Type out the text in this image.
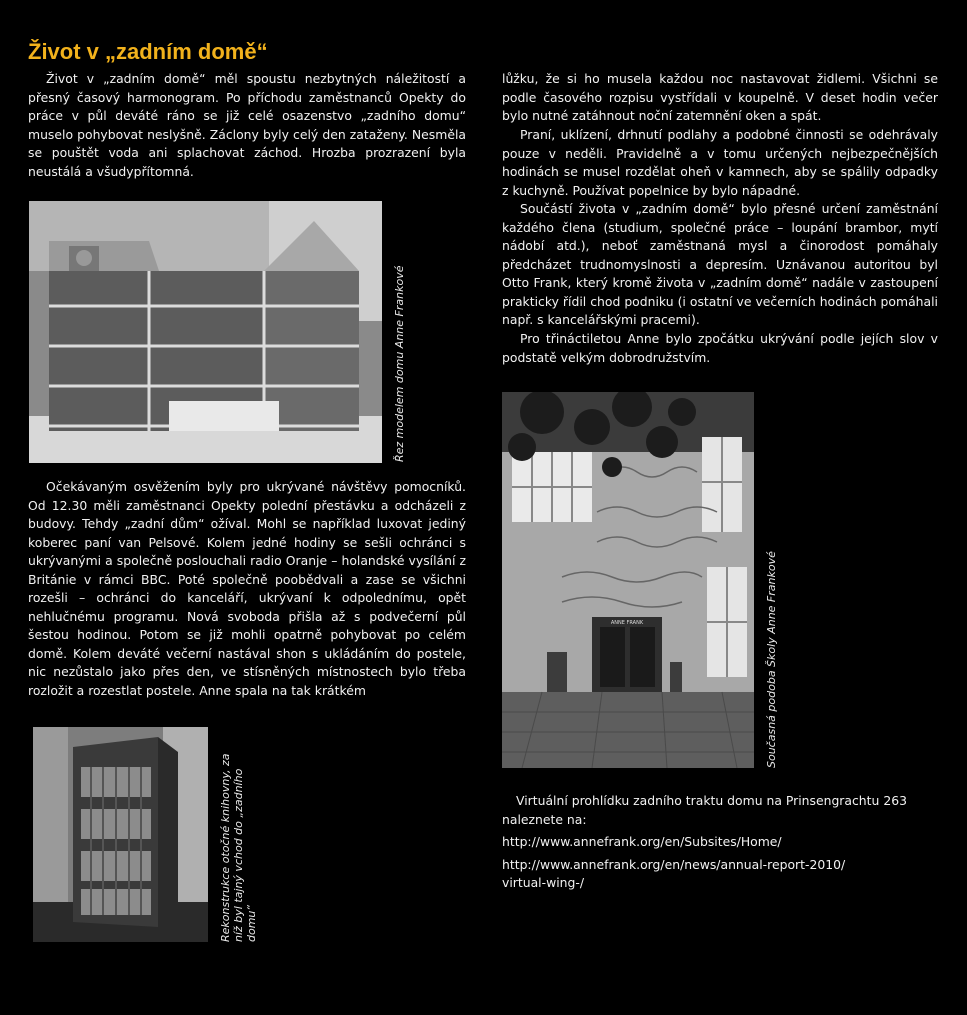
Život v „zadním domě“

Život v „zadním domě“ měl spoustu nezbytných náležitostí a přesný časový harmonogram. Po příchodu zaměstnanců Opekty do práce v půl deváté ráno se již celé osazenstvo „zadního domu“ muselo pohybovat neslyšně. Záclony byly celý den zataženy. Nesměla se pouštět voda ani splachovat záchod. Hrozba prozrazení byla neustálá a všudypřítomná.

Řez modelem domu Anne Frankové

Očekávaným osvěžením byly pro ukrývané návštěvy pomocníků. Od 12.30 měli zaměstnanci Opekty polední přestávku a odcházeli z budovy. Tehdy „zadní dům“ ožíval. Mohl se například luxovat jediný koberec paní van Pelsové. Kolem jedné hodiny se sešli ochránci s ukrývanými a společně poslouchali radio Oranje – holandské vysílání z Británie v rámci BBC. Poté společně poobědvali a zase se všichni rozešli – ochránci do kanceláří, ukrývaní k odpolednímu, opět nehlučnému programu. Nová svoboda přišla až s podvečerní půl šestou hodinou. Potom se již mohli opatrně pohybovat po celém domě. Kolem deváté večerní nastával shon s ukládáním do postele, nic nezůstalo jako přes den, ve stísněných místnostech bylo třeba rozložit a rozestlat postele. Anne spala na tak krátkém

Rekonstrukce otočné knihovny, za níž byl tajný vchod do „zadního domu“

lůžku, že si ho musela každou noc nastavovat židlemi. Všichni se podle časového rozpisu vystřídali v koupelně. V deset hodin večer bylo nutné zatáhnout noční zatemnění oken a spát.

Praní, uklízení, drhnutí podlahy a podobné činnosti se odehrávaly pouze v neděli. Pravidelně a v tomu určených nejbezpečnějších hodinách se musel rozdělat oheň v kamnech, aby se spálily odpadky z kuchyně. Používat popelnice by bylo nápadné.

Součástí života v „zadním domě“ bylo přesné určení zaměstnání každého člena (studium, společné práce – loupání brambor, mytí nádobí atd.), neboť zaměstnaná mysl a činorodost pomáhaly předcházet trudnomyslnosti a depresím. Uznávanou autoritou byl Otto Frank, který kromě života v „zadním domě“ nadále v zastoupení prakticky řídil chod podniku (i ostatní ve večerních hodinách pomáhali např. s kancelářskými pracemi).

Pro třináctiletou Anne bylo zpočátku ukrývání podle jejích slov v podstatě velkým dobrodružstvím.

ANNE FRANK	Současná podoba Školy Anne Frankové

Virtuální prohlídku zadního traktu domu na Prinsengrachtu 263 naleznete na:

http://www.annefrank.org/en/Subsites/Home/

http://www.annefrank.org/en/news/annual-report-2010/
virtual-wing-/
